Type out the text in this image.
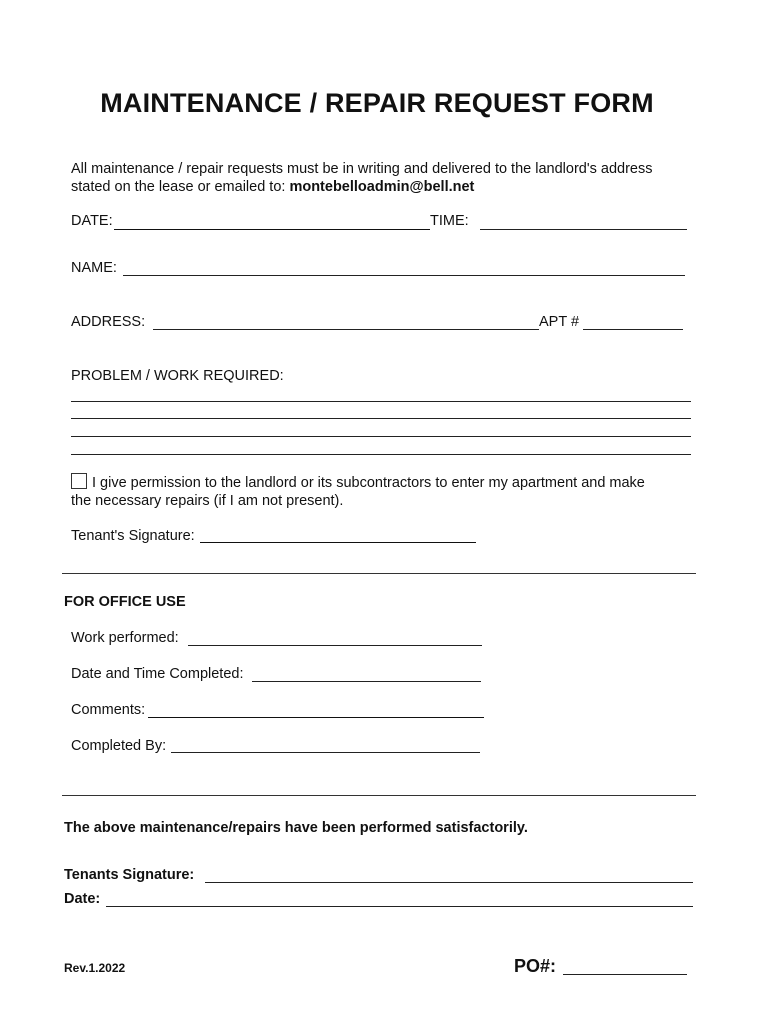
MAINTENANCE / REPAIR REQUEST FORM
All maintenance / repair requests must be in writing and delivered to the landlord's address
stated on the lease or emailed to: montebelloadmin@bell.net
DATE:	TIME:
NAME:
ADDRESS:	APT #
PROBLEM / WORK REQUIRED:
I give permission to the landlord or its subcontractors to enter my apartment and make
the necessary repairs (if I am not present).
Tenant's Signature:
FOR OFFICE USE
Work performed:
Date and Time Completed:
Comments:
Completed By:
The above maintenance/repairs have been performed satisfactorily.
Tenants Signature:
Date:
Rev.1.2022	PO#:
